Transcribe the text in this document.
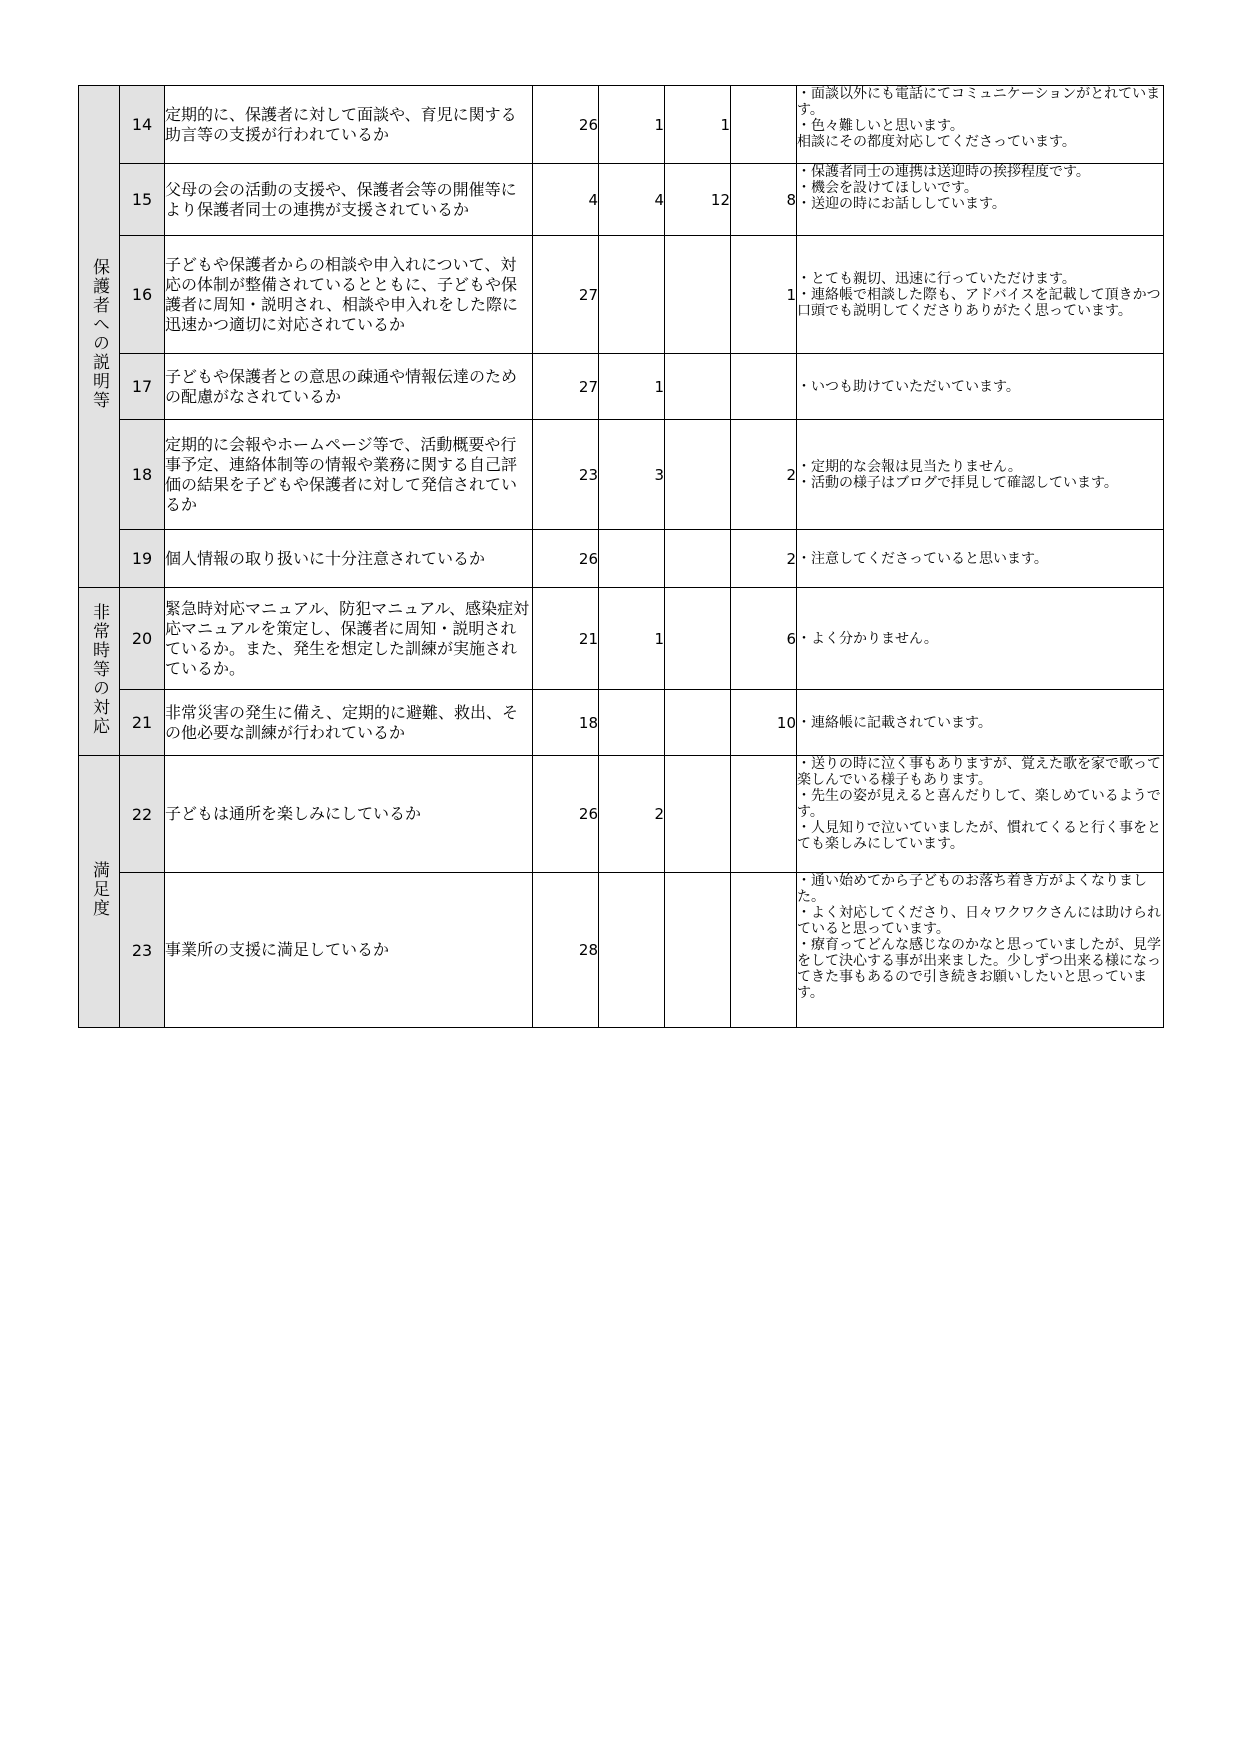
保護者への説明等	14	定期的に、保護者に対して面談や、育児に関する助言等の支援が行われているか	26	1	1		・面談以外にも電話にてコミュニケーションがとれています。
・色々難しいと思います。
相談にその都度対応してくださっています。

	15	父母の会の活動の支援や、保護者会等の開催等により保護者同士の連携が支援されているか	4	4	12	8	・保護者同士の連携は送迎時の挨拶程度です。
・機会を設けてほしいです。
・送迎の時にお話ししています。

	16	子どもや保護者からの相談や申入れについて、対応の体制が整備されているとともに、子どもや保護者に周知・説明され、相談や申入れをした際に迅速かつ適切に対応されているか	27			1	・とても親切、迅速に行っていただけます。
・連絡帳で相談した際も、アドバイスを記載して頂きかつ口頭でも説明してくださりありがたく思っています。

	17	子どもや保護者との意思の疎通や情報伝達のための配慮がなされているか	27	1			・いつも助けていただいています。

	18	定期的に会報やホームページ等で、活動概要や行事予定、連絡体制等の情報や業務に関する自己評価の結果を子どもや保護者に対して発信されているか	23	3		2	・定期的な会報は見当たりません。
・活動の様子はブログで拝見して確認しています。

	19	個人情報の取り扱いに十分注意されているか	26			2	・注意してくださっていると思います。

非常時等の対応	20	緊急時対応マニュアル、防犯マニュアル、感染症対応マニュアルを策定し、保護者に周知・説明されているか。また、発生を想定した訓練が実施されているか。	21	1		6	・よく分かりません。

	21	非常災害の発生に備え、定期的に避難、救出、その他必要な訓練が行われているか	18			10	・連絡帳に記載されています。

満足度	22	子どもは通所を楽しみにしているか	26	2			・送りの時に泣く事もありますが、覚えた歌を家で歌って楽しんでいる様子もあります。
・先生の姿が見えると喜んだりして、楽しめているようです。
・人見知りで泣いていましたが、慣れてくると行く事をとても楽しみにしています。

	23	事業所の支援に満足しているか	28				・通い始めてから子どものお落ち着き方がよくなりました。
・よく対応してくださり、日々ワクワクさんには助けられていると思っています。
・療育ってどんな感じなのかなと思っていましたが、見学をして決心する事が出来ました。少しずつ出来る様になってきた事もあるので引き続きお願いしたいと思っています。
